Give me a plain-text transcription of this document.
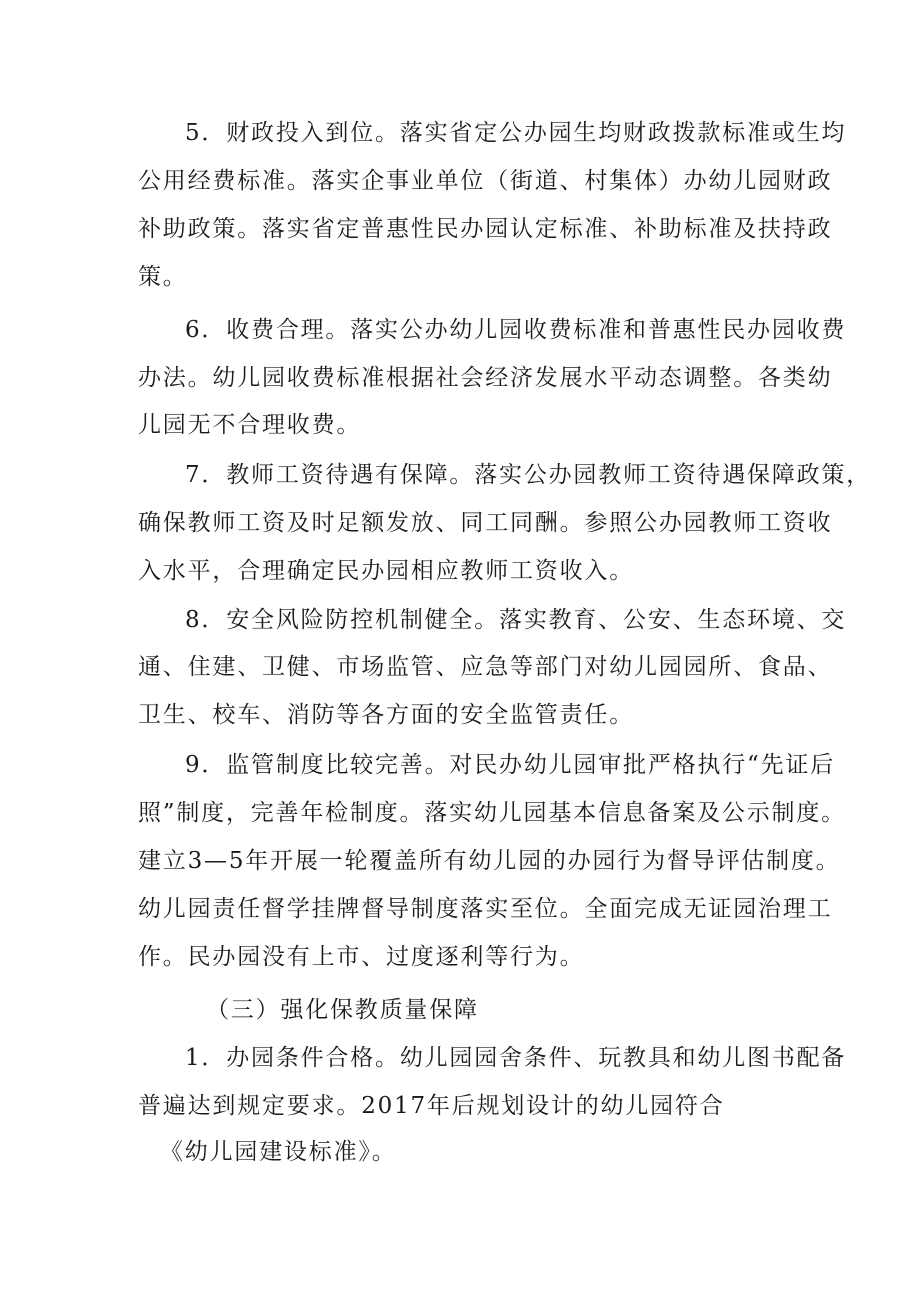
5．财政投入到位。落实省定公办园生均财政拨款标准或生均
公用经费标准。落实企事业单位（街道、村集体）办幼儿园财政
补助政策。落实省定普惠性民办园认定标准、补助标准及扶持政
策。
6．收费合理。落实公办幼儿园收费标准和普惠性民办园收费
办法。幼儿园收费标准根据社会经济发展水平动态调整。各类幼
儿园无不合理收费。
7．教师工资待遇有保障。落实公办园教师工资待遇保障政策，
确保教师工资及时足额发放、同工同酬。参照公办园教师工资收
入水平，合理确定民办园相应教师工资收入。
8．安全风险防控机制健全。落实教育、公安、生态环境、交
通、住建、卫健、市场监管、应急等部门对幼儿园园所、食品、
卫生、校车、消防等各方面的安全监管责任。
9．监管制度比较完善。对民办幼儿园审批严格执行“先证后
照”制度，完善年检制度。落实幼儿园基本信息备案及公示制度。
建立3—5年开展一轮覆盖所有幼儿园的办园行为督导评估制度。
幼儿园责任督学挂牌督导制度落实至位。全面完成无证园治理工
作。民办园没有上市、过度逐利等行为。
（三）强化保教质量保障
1．办园条件合格。幼儿园园舍条件、玩教具和幼儿图书配备
普遍达到规定要求。2017年后规划设计的幼儿园符合
《幼儿园建设标准》。
